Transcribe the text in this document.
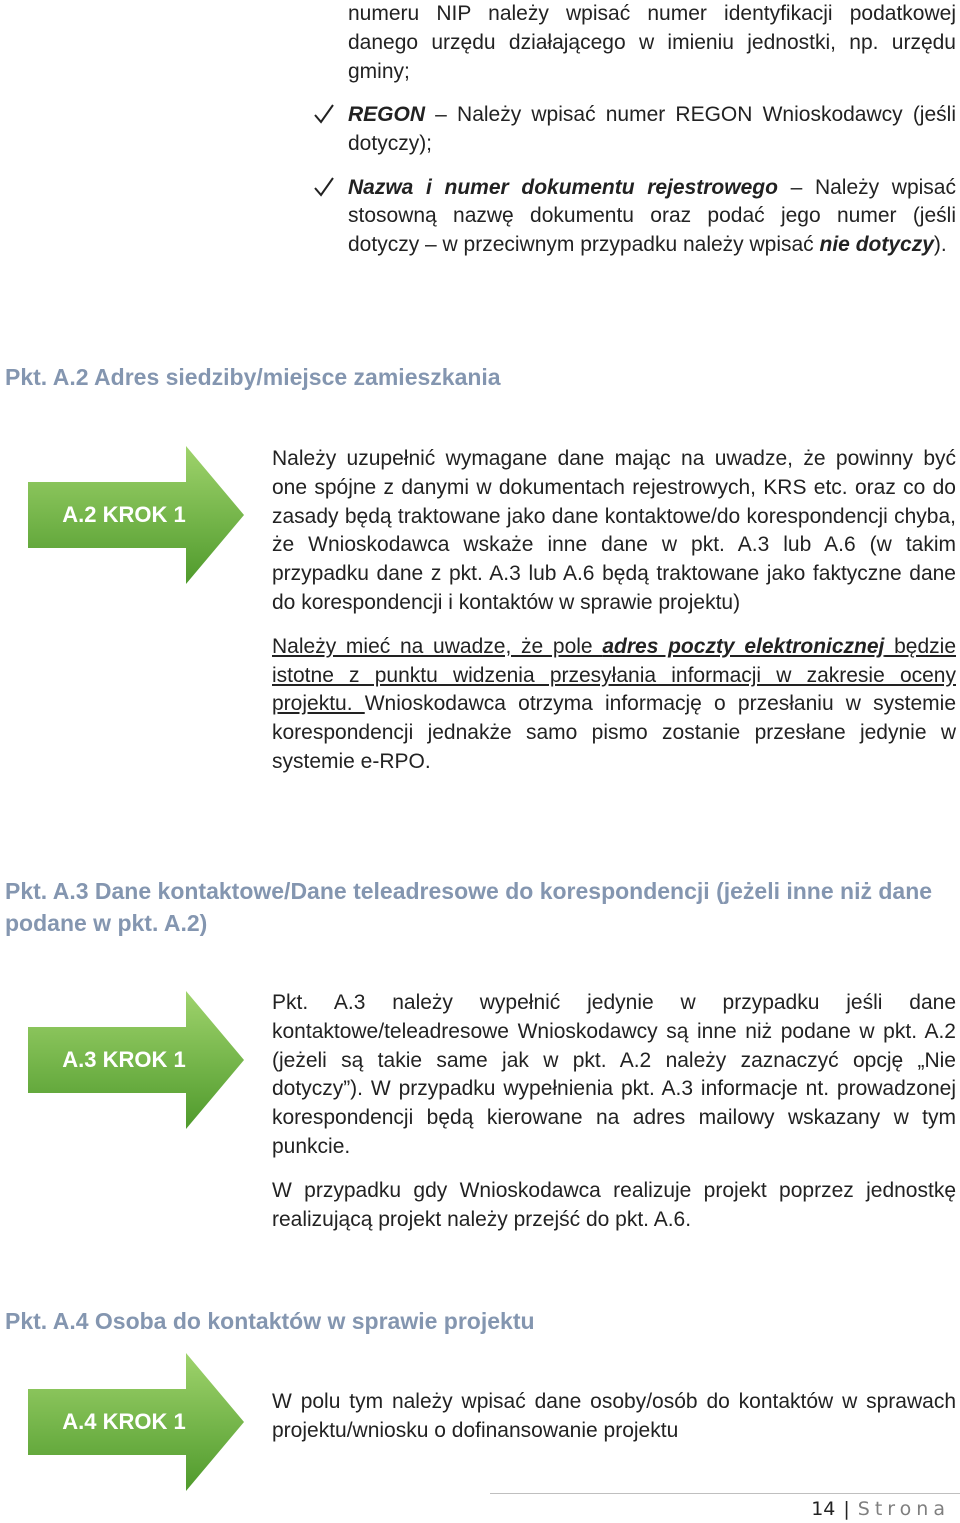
numeru NIP należy wpisać numer identyfikacji podatkowej danego urzędu działającego w imieniu jednostki, np. urzędu gminy;
REGON – Należy wpisać numer REGON Wnioskodawcy (jeśli dotyczy);
Nazwa i numer dokumentu rejestrowego – Należy wpisać stosowną nazwę dokumentu oraz podać jego numer (jeśli dotyczy – w przeciwnym przypadku należy wpisać nie dotyczy).
Pkt. A.2 Adres siedziby/miejsce zamieszkania
A.2 KROK 1

Należy uzupełnić wymagane dane mając na uwadze, że powinny być one spójne z danymi w dokumentach rejestrowych, KRS etc. oraz co do zasady będą traktowane jako dane kontaktowe/do korespondencji chyba, że Wnioskodawca wskaże inne dane w pkt. A.3 lub A.6 (w takim przypadku dane z pkt. A.3 lub A.6 będą traktowane jako faktyczne dane do korespondencji i kontaktów w sprawie projektu)

Należy mieć na uwadze, że pole adres poczty elektronicznej będzie istotne z punktu widzenia przesyłania informacji w zakresie oceny projektu. Wnioskodawca otrzyma informację o przesłaniu w systemie korespondencji jednakże samo pismo zostanie przesłane jedynie w systemie e-RPO.

Pkt. A.3 Dane kontaktowe/Dane teleadresowe do korespondencji (jeżeli inne niż dane podane w pkt. A.2)
A.3 KROK 1

Pkt. A.3 należy wypełnić jedynie w przypadku jeśli dane kontaktowe/teleadresowe Wnioskodawcy są inne niż podane w pkt. A.2 (jeżeli są takie same jak w pkt. A.2 należy zaznaczyć opcję „Nie dotyczy”). W przypadku wypełnienia pkt. A.3 informacje nt. prowadzonej korespondencji będą kierowane na adres mailowy wskazany w tym punkcie.

W przypadku gdy Wnioskodawca realizuje projekt poprzez jednostkę realizującą projekt należy przejść do pkt. A.6.

Pkt. A.4 Osoba do kontaktów w sprawie projektu
A.4 KROK 1

W polu tym należy wpisać dane osoby/osób do kontaktów w sprawach projektu/wniosku o dofinansowanie projektu

14 | Strona
